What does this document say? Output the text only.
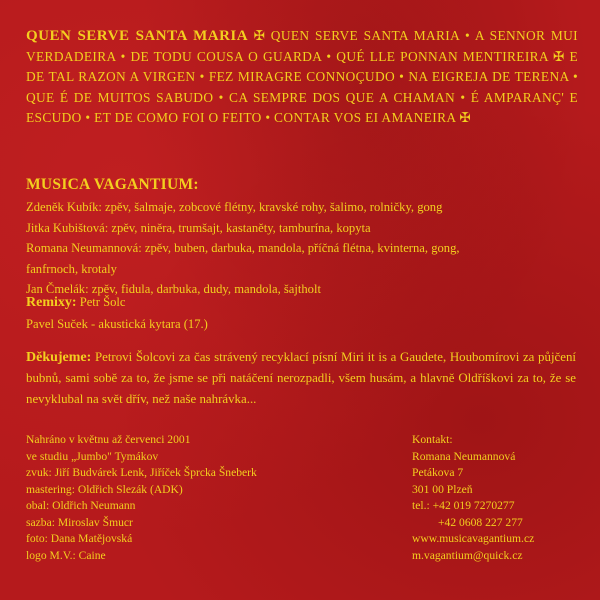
QUEN SERVE SANTA MARIA ✠ QUEN SERVE SANTA MARIA • A SENNOR MUI VERDADEIRA • DE TODU COUSA O GUARDA • QUÉ LLE PONNAN MENTIREIRA ✠ E DE TAL RAZON A VIRGEN • FEZ MIRAGRE CONNOÇUDO • NA EIGREJA DE TERENA • QUE É DE MUITOS SABUDO • CA SEMPRE DOS QUE A CHAMAN • É AMPARANÇ' E ESCUDO • ET DE COMO FOI O FEITO • CONTAR VOS EI AMANEIRA ✠
MUSICA VAGANTIUM:
Zdeněk Kubík: zpěv, šalmaje, zobcové flétny, kravské rohy, šalimo, rolničky, gong
Jitka Kubištová: zpěv, niněra, trumšajt, kastaněty, tamburína, kopyta
Romana Neumannová: zpěv, buben, darbuka, mandola, příčná flétna, kvinterna, gong,
fanfrnoch, krotaly
Jan Čmelák: zpěv, fidula, darbuka, dudy, mandola, šajtholt
Remixy: Petr Šolc
Pavel Suček - akustická kytara (17.)
Děkujeme: Petrovi Šolcovi za čas strávený recyklací písní Miri it is a Gaudete, Houbomírovi za půjčení bubnů, sami sobě za to, že jsme se při natáčení nerozpadli, všem husám, a hlavně Oldříškovi za to, že se nevyklubal na svět dřív, než naše nahrávka...
Nahráno v květnu až červenci 2001
ve studiu „Jumbo" Tymákov
zvuk: Jiří Budvárek Lenk, Jiříček Šprcka Šneberk
mastering: Oldřich Slezák (ADK)
obal: Oldřich Neumann
sazba: Miroslav Šmucr
foto: Dana Matějovská
logo M.V.: Caine
Kontakt:
Romana Neumannová
Petákova 7
301 00 Plzeň
tel.: +42 019 7270277
+42 0608 227 277
www.musicavagantium.cz
m.vagantium@quick.cz
